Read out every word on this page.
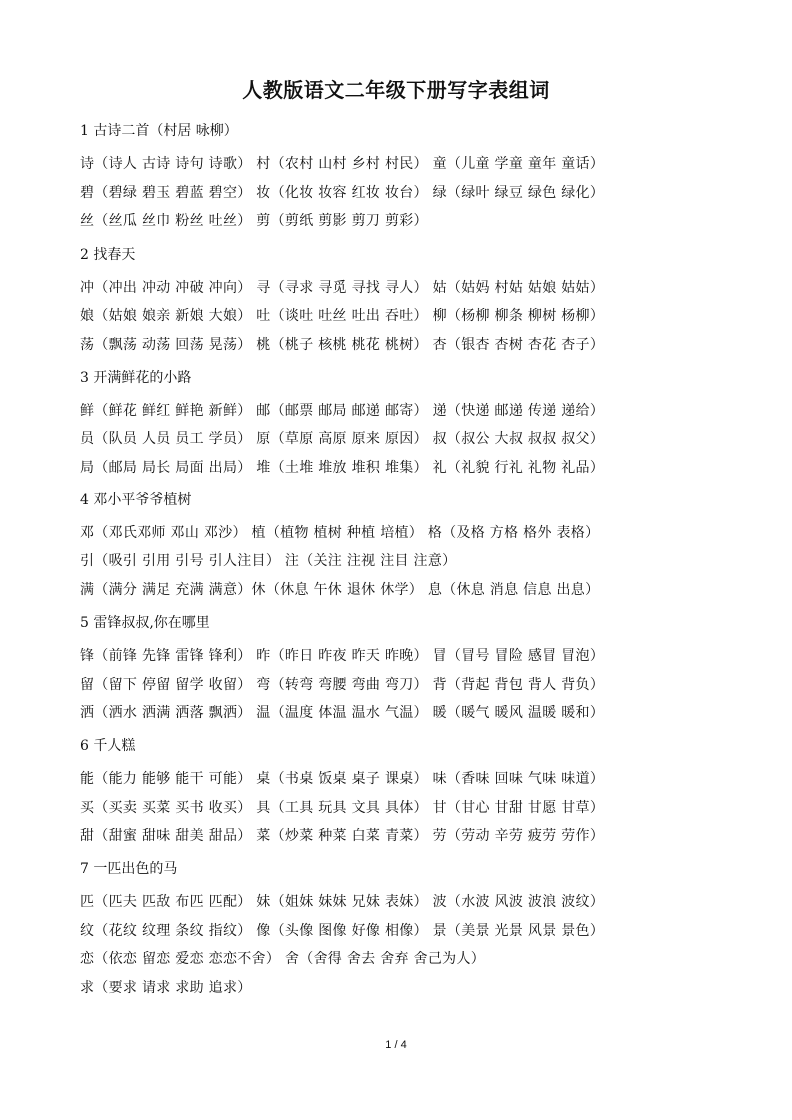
人教版语文二年级下册写字表组词
1 古诗二首（村居 咏柳）
诗（诗人 古诗 诗句 诗歌） 村（农村 山村 乡村 村民） 童（儿童 学童 童年 童话）
碧（碧绿 碧玉 碧蓝 碧空） 妆（化妆 妆容 红妆 妆台） 绿（绿叶 绿豆 绿色 绿化）
丝（丝瓜 丝巾 粉丝 吐丝） 剪（剪纸 剪影 剪刀 剪彩）
2 找春天
冲（冲出 冲动 冲破 冲向） 寻（寻求 寻觅 寻找 寻人） 姑（姑妈 村姑 姑娘 姑姑）
娘（姑娘 娘亲 新娘 大娘） 吐（谈吐 吐丝 吐出 吞吐） 柳（杨柳 柳条 柳树 杨柳）
荡（飘荡 动荡 回荡 晃荡） 桃（桃子 核桃 桃花 桃树） 杏（银杏 杏树 杏花 杏子）
3 开满鲜花的小路
鲜（鲜花 鲜红 鲜艳 新鲜） 邮（邮票 邮局 邮递 邮寄） 递（快递 邮递 传递 递给）
员（队员 人员 员工 学员） 原（草原 高原 原来 原因） 叔（叔公 大叔 叔叔 叔父）
局（邮局 局长 局面 出局） 堆（土堆 堆放 堆积 堆集） 礼（礼貌 行礼 礼物 礼品）
4 邓小平爷爷植树
邓（邓氏邓师 邓山 邓沙） 植（植物 植树 种植 培植） 格（及格 方格 格外 表格）
引（吸引 引用 引号 引人注目） 注（关注 注视 注目 注意）
满（满分 满足 充满 满意）休（休息 午休 退休 休学） 息（休息 消息 信息 出息）
5 雷锋叔叔,你在哪里
锋（前锋 先锋 雷锋 锋利） 昨（昨日 昨夜 昨天 昨晚） 冒（冒号 冒险 感冒 冒泡）
留（留下 停留 留学 收留） 弯（转弯 弯腰 弯曲 弯刀） 背（背起 背包 背人 背负）
洒（洒水 洒满 洒落 飘洒） 温（温度 体温 温水 气温） 暖（暖气 暖风 温暖 暖和）
6 千人糕
能（能力 能够 能干 可能） 桌（书桌 饭桌 桌子 课桌） 味（香味 回味 气味 味道）
买（买卖 买菜 买书 收买） 具（工具 玩具 文具 具体） 甘（甘心 甘甜 甘愿 甘草）
甜（甜蜜 甜味 甜美 甜品） 菜（炒菜 种菜 白菜 青菜） 劳（劳动 辛劳 疲劳 劳作）
7 一匹出色的马
匹（匹夫 匹敌 布匹 匹配） 妹（姐妹 妹妹 兄妹 表妹） 波（水波 风波 波浪 波纹）
纹（花纹 纹理 条纹 指纹） 像（头像 图像 好像 相像） 景（美景 光景 风景 景色）
恋（依恋 留恋 爱恋 恋恋不舍） 舍（舍得 舍去 舍弃 舍己为人）
求（要求 请求 求助 追求）
1 / 4
